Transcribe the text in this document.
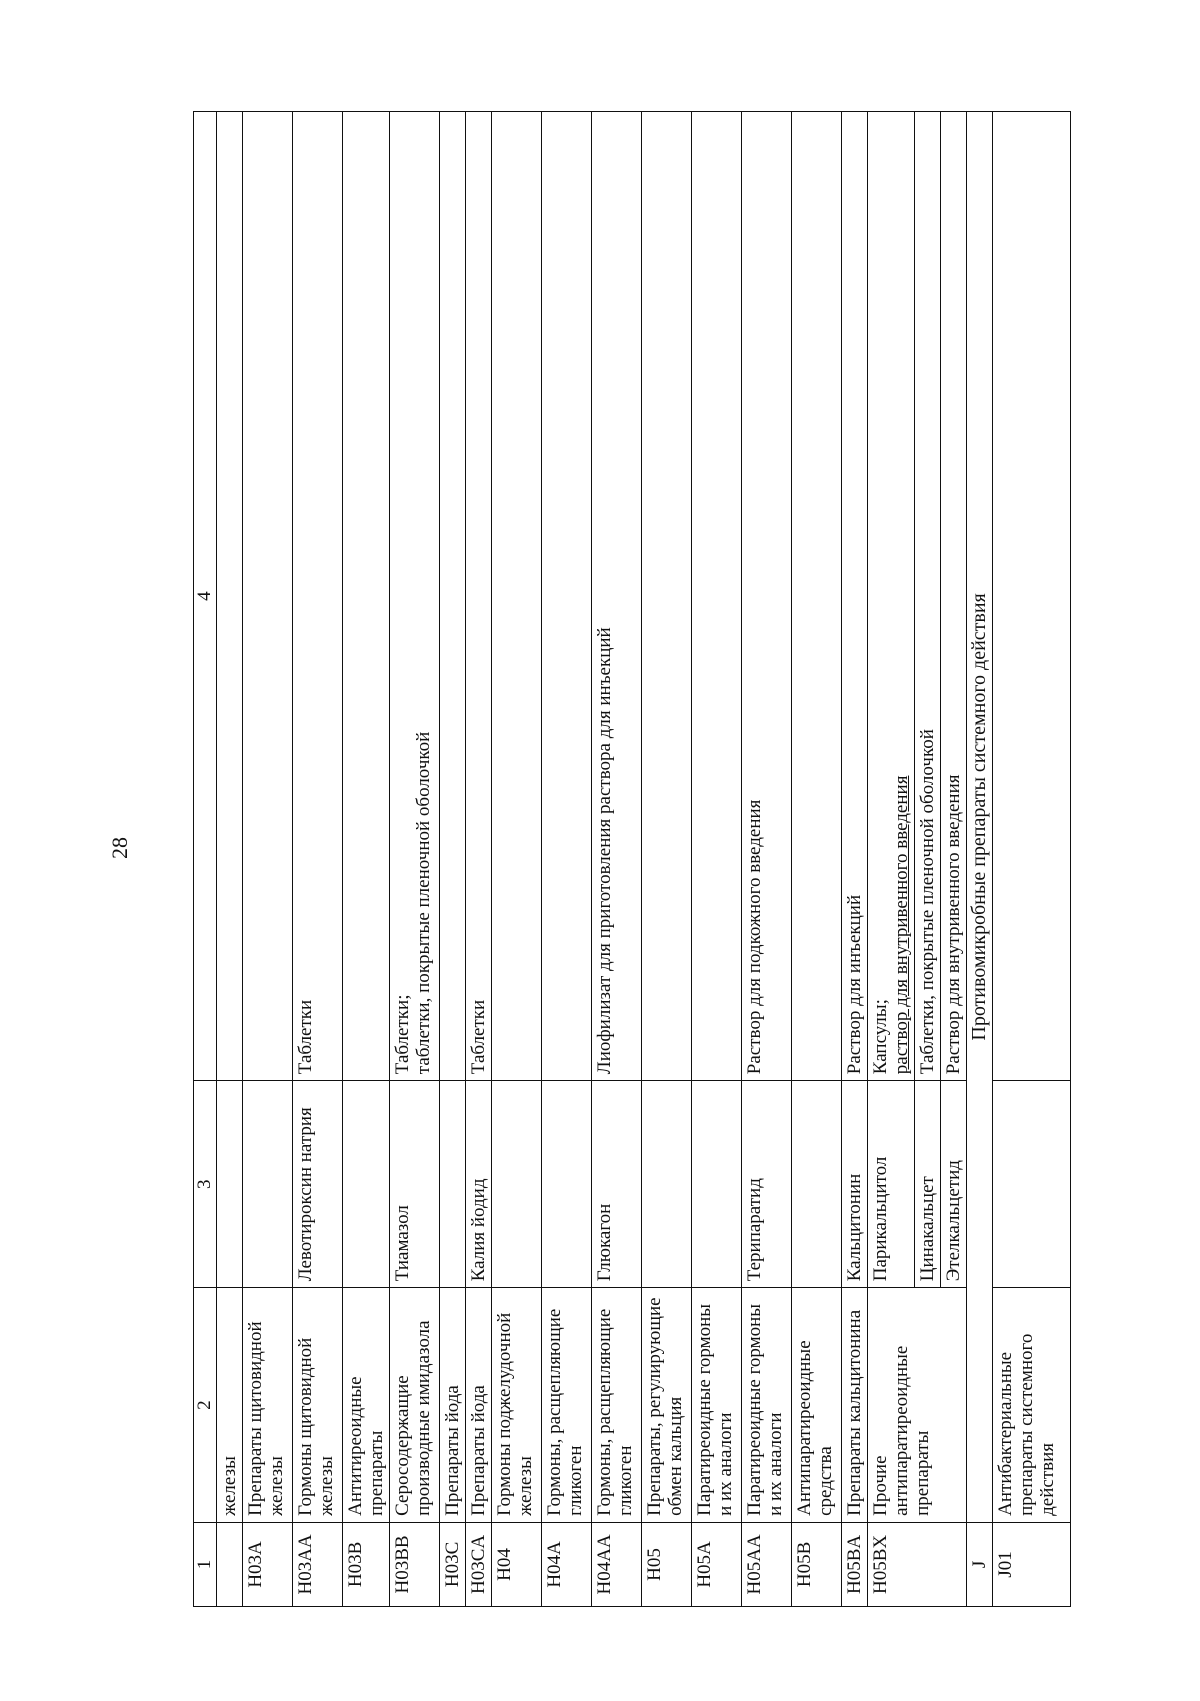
28
1	2	3	4
	железы		
H03A	Препараты щитовидной железы		
H03AA	Гормоны щитовидной железы	Левотироксин натрия	Таблетки
H03B	Антитиреоидные препараты		
H03BB	Серосодержащие производные имидазола	Тиамазол	Таблетки; таблетки, покрытые пленочной оболочкой

H03C	Препараты йода		
H03CA	Препараты йода	Калия йодид	Таблетки
H04	Гормоны поджелудочной железы		
H04A	Гормоны, расщепляющие гликоген		
H04AA	Гормоны, расщепляющие гликоген	Глюкагон	Лиофилизат для приготовления раствора для инъекций
H05	Препараты, регулирующие обмен кальция		
H05A	Паратиреоидные гормоны и их аналоги		
H05AA	Паратиреоидные гормоны и их аналоги	Терипаратид	Раствор для подкожного введения
H05B	Антипаратиреоидные средства		
H05BA	Препараты кальцитонина	Кальцитонин	Раствор для инъекций
H05BX	Прочие антипаратиреоидные препараты	Парикальцитол	Капсулы; раствор для внутривенного введения

		Цинакальцет	Таблетки, покрытые пленочной оболочкой

		Этелкальцетид	Раствор для внутривенного введения

J	Противомикробные препараты системного действия		
J01	Антибактериальные препараты системного действия		
